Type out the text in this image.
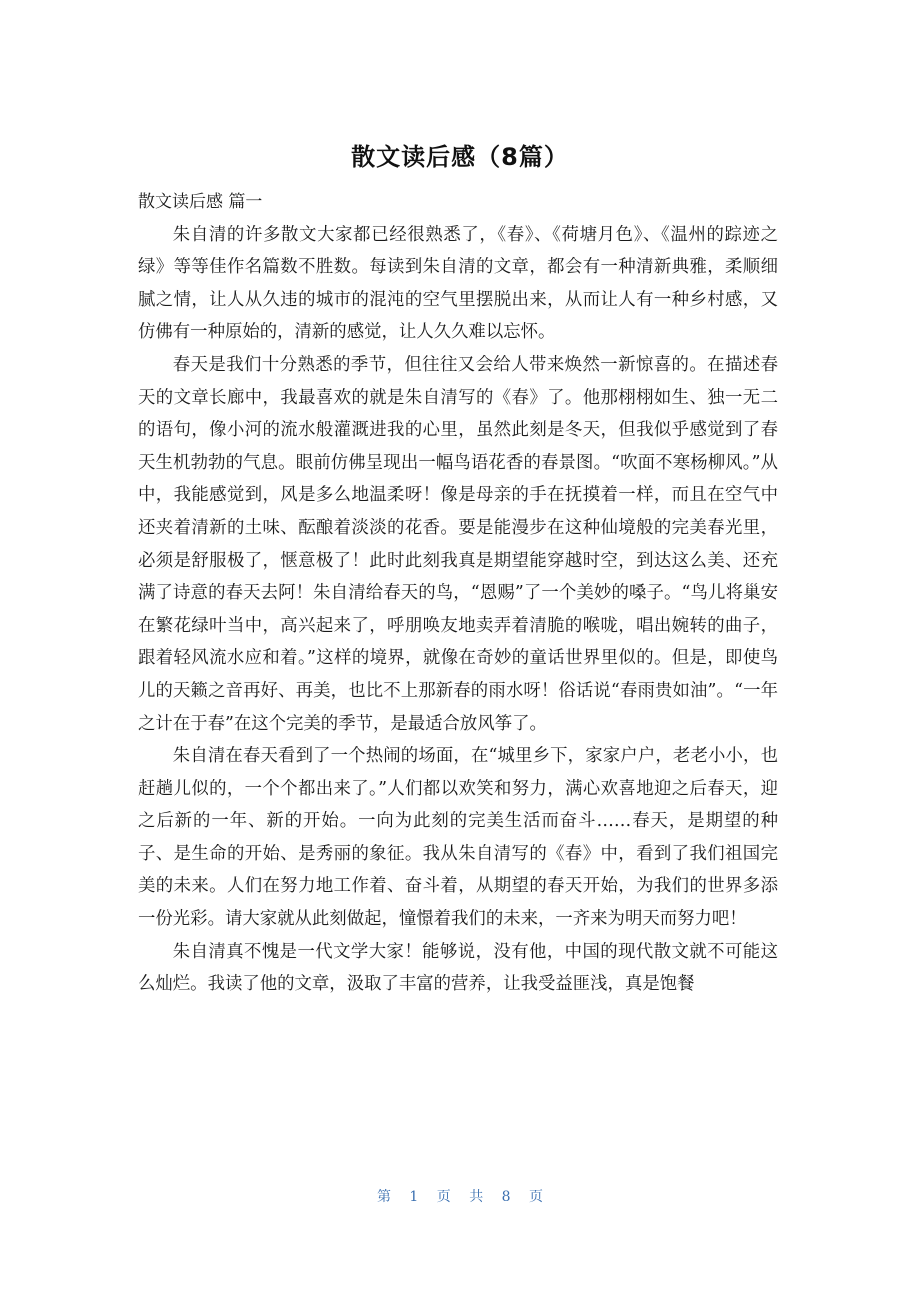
散文读后感（8篇）

散文读后感 篇一

朱自清的许多散文大家都已经很熟悉了，《春》、《荷塘月色》、《温州的踪迹之绿》等等佳作名篇数不胜数。每读到朱自清的文章，都会有一种清新典雅，柔顺细腻之情，让人从久违的城市的混沌的空气里摆脱出来，从而让人有一种乡村感，又仿佛有一种原始的，清新的感觉，让人久久难以忘怀。

春天是我们十分熟悉的季节，但往往又会给人带来焕然一新惊喜的。在描述春天的文章长廊中，我最喜欢的就是朱自清写的《春》了。他那栩栩如生、独一无二的语句，像小河的流水般灌溉进我的心里，虽然此刻是冬天，但我似乎感觉到了春天生机勃勃的气息。眼前仿佛呈现出一幅鸟语花香的春景图。“吹面不寒杨柳风。”从中，我能感觉到，风是多么地温柔呀！像是母亲的手在抚摸着一样，而且在空气中还夹着清新的土味、酝酿着淡淡的花香。要是能漫步在这种仙境般的完美春光里，必须是舒服极了，惬意极了！此时此刻我真是期望能穿越时空，到达这么美、还充满了诗意的春天去阿！朱自清给春天的鸟，“恩赐”了一个美妙的嗓子。“鸟儿将巢安在繁花绿叶当中，高兴起来了，呼朋唤友地卖弄着清脆的喉咙，唱出婉转的曲子，跟着轻风流水应和着。”这样的境界，就像在奇妙的童话世界里似的。但是，即使鸟儿的天籁之音再好、再美，也比不上那新春的雨水呀！俗话说“春雨贵如油”。“一年之计在于春”在这个完美的季节，是最适合放风筝了。

朱自清在春天看到了一个热闹的场面，在“城里乡下，家家户户，老老小小，也赶趟儿似的，一个个都出来了。”人们都以欢笑和努力，满心欢喜地迎之后春天，迎之后新的一年、新的开始。一向为此刻的完美生活而奋斗……春天，是期望的种子、是生命的开始、是秀丽的象征。我从朱自清写的《春》中，看到了我们祖国完美的未来。人们在努力地工作着、奋斗着，从期望的春天开始，为我们的世界多添一份光彩。请大家就从此刻做起，憧憬着我们的未来，一齐来为明天而努力吧！

朱自清真不愧是一代文学大家！能够说，没有他，中国的现代散文就不可能这么灿烂。我读了他的文章，汲取了丰富的营养，让我受益匪浅，真是饱餐

第 1 页 共 8 页
